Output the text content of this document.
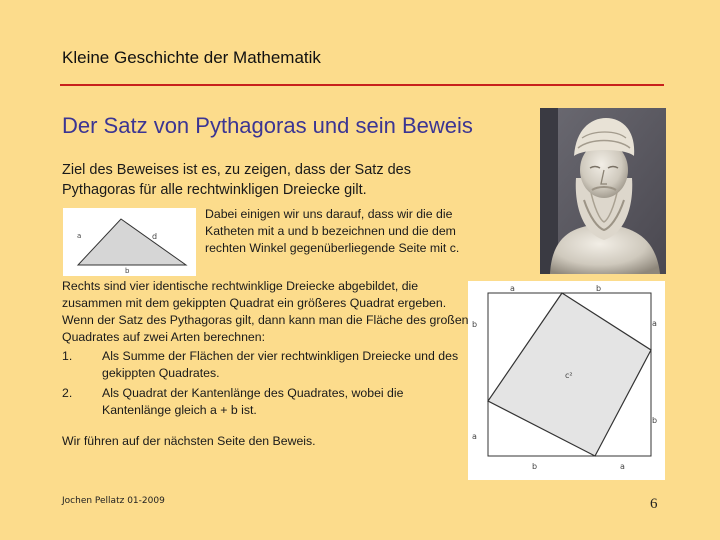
Kleine Geschichte der Mathematik
Der Satz von Pythagoras und sein Beweis
Ziel des Beweises ist es, zu zeigen, dass der Satz des Pythagoras für alle rechtwinkligen Dreiecke gilt.
a	d
b
Dabei einigen wir uns darauf, dass wir die die Katheten mit a und b bezeichnen und die dem rechten Winkel gegenüberliegende Seite mit c.
Rechts sind vier identische rechtwinklige Dreiecke abgebildet, die zusammen mit dem gekippten Quadrat ein größeres Quadrat ergeben. Wenn der Satz des Pythagoras gilt, dann kann man die Fläche des großen Quadrates auf zwei Arten berechnen:
1. Als Summe der Flächen der vier rechtwinkligen Dreiecke und des gekippten Quadrates.
2. Als Quadrat der Kantenlänge des Quadrates, wobei die Kantenlänge gleich a + b ist.
Wir führen auf der nächsten Seite den Beweis.
a	b
b
a
a
b
b	a
c²
Jochen Pellatz 01-2009	6
